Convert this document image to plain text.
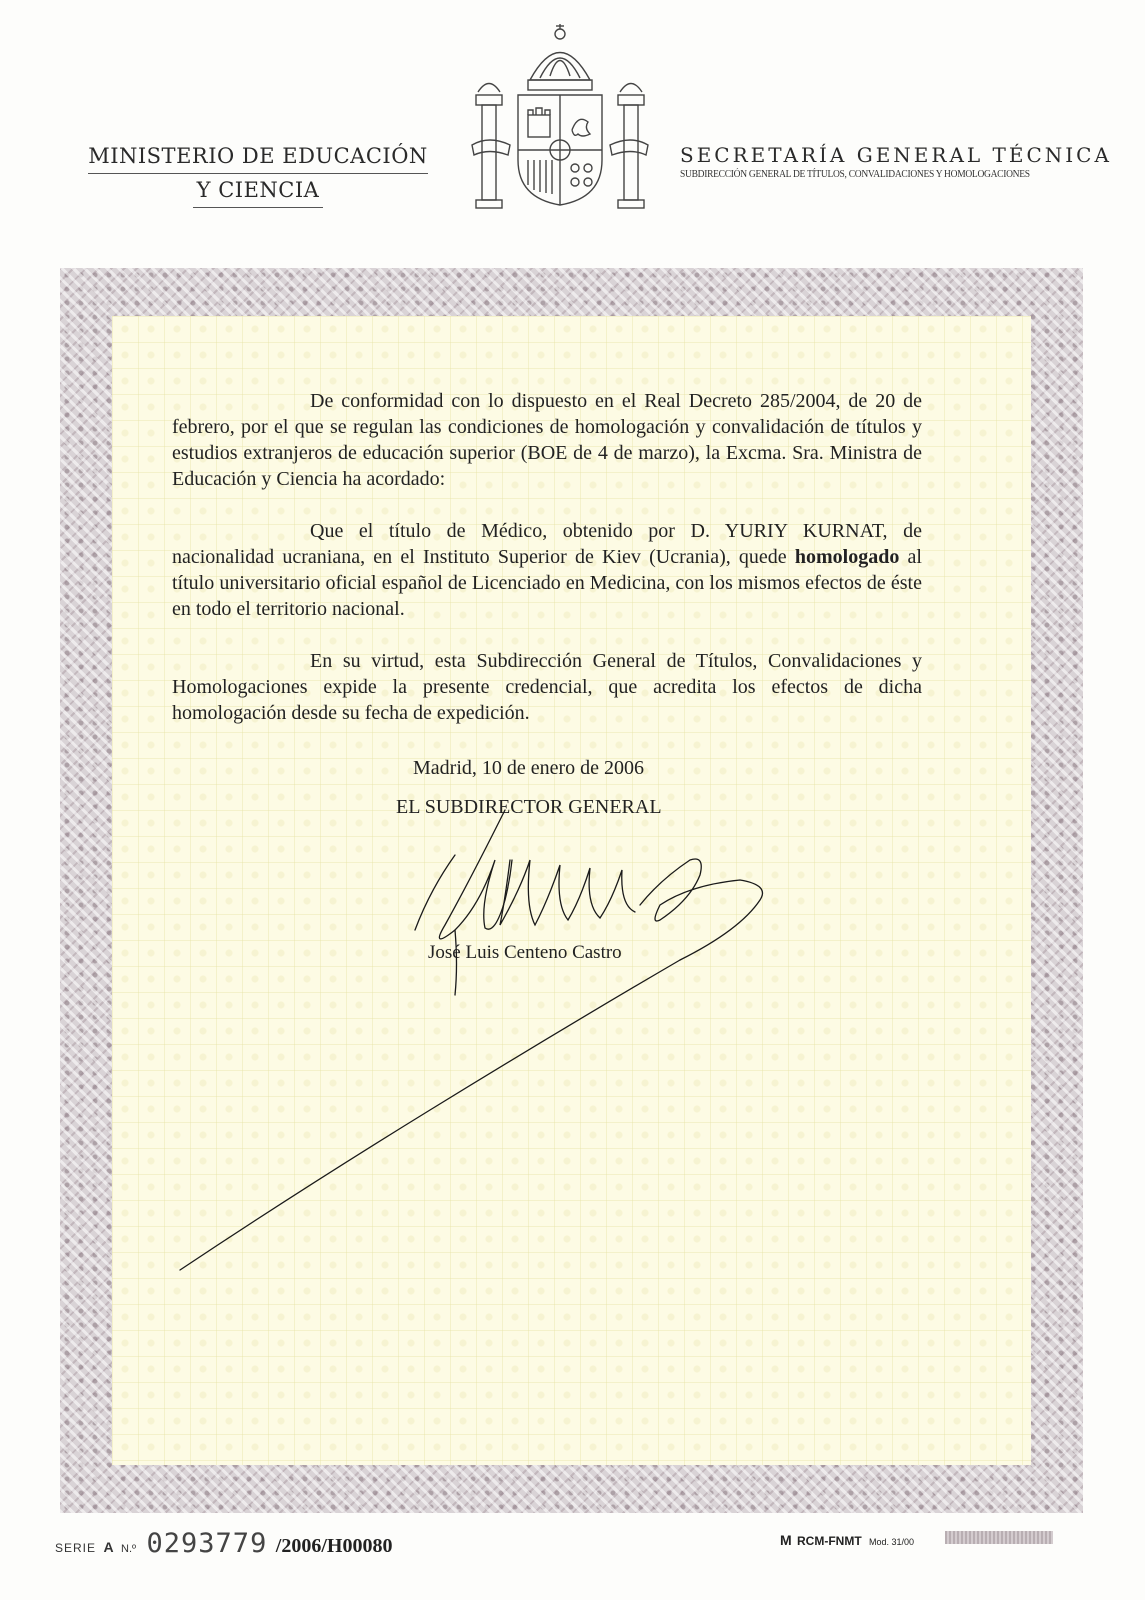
MINISTERIO DE EDUCACIÓN
Y CIENCIA
SECRETARÍA GENERAL TÉCNICA
SUBDIRECCIÓN GENERAL DE TÍTULOS, CONVALIDACIONES Y HOMOLOGACIONES

De conformidad con lo dispuesto en el Real Decreto 285/2004, de 20 de febrero, por el que se regulan las condiciones de homologación y convalidación de títulos y estudios extranjeros de educación superior (BOE de 4 de marzo), la Excma. Sra. Ministra de Educación y Ciencia ha acordado:

Que el título de Médico, obtenido por D. YURIY KURNAT, de nacionalidad ucraniana, en el Instituto Superior de Kiev (Ucrania), quede homologado al título universitario oficial español de Licenciado en Medicina, con los mismos efectos de éste en todo el territorio nacional.

En su virtud, esta Subdirección General de Títulos, Convalidaciones y Homologaciones expide la presente credencial, que acredita los efectos de dicha homologación desde su fecha de expedición.

Madrid, 10 de enero de 2006
EL SUBDIRECTOR GENERAL
José Luis Centeno Castro
SERIE A N.º 0293779 /2006/H00080	M RCM-FNMT Mod. 31/00
